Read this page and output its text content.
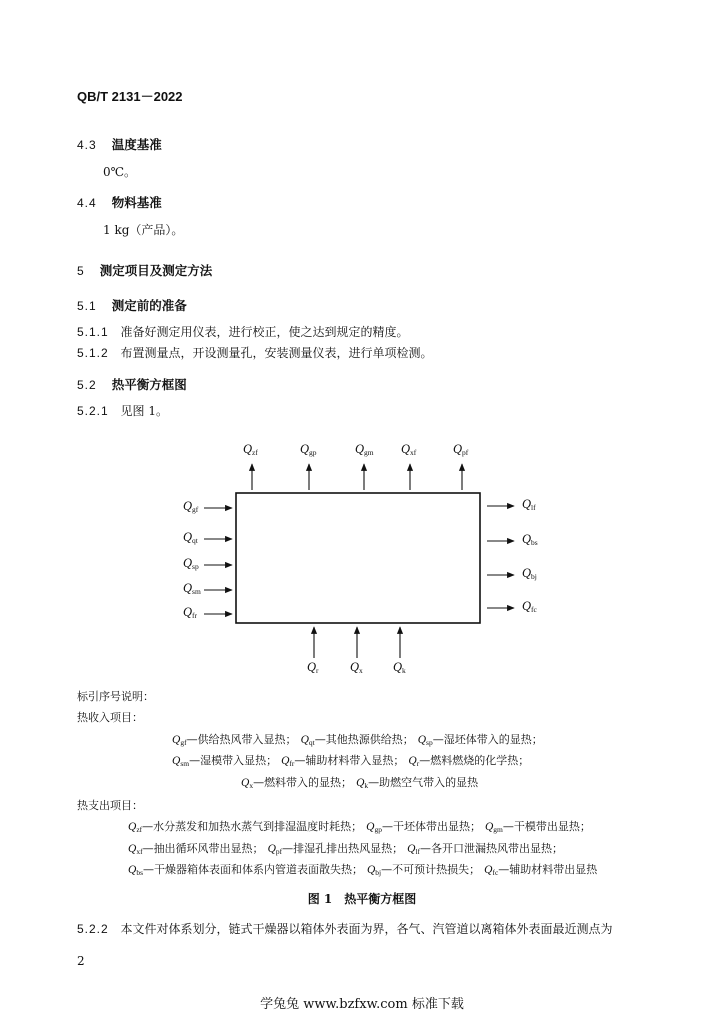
QB/T 2131－2022
4.3 温度基准
0℃。
4.4 物料基准
1 kg（产品）。
5 测定项目及测定方法
5.1 测定前的准备
5.1.1 准备好测定用仪表，进行校正，使之达到规定的精度。
5.1.2 布置测量点，开设测量孔，安装测量仪表，进行单项检测。
5.2 热平衡方框图
5.2.1 见图 1。
$Q_{zf}$	$Q_{gp}$	$Q_{gm}$ $Q_{xf}$	$Q_{pf}$
$Q_{gf}$
$Q_{qt}$
$Q_{sp}$
$Q_{sm}$
$Q_{fr}$
$Q_{lf}$
$Q_{bs}$
$Q_{bj}$
$Q_{fc}$
$Q_r$	$Q_x$ $Q_k$
标引序号说明：
热收入项目：
$Q_{gf}—$供给热风带入显热； $Q_{qt}—$其他热源供给热； $Q_{sp}—$湿坯体带入的显热；
$Q_{sm}—$湿模带入显热； $Q_{fr}—$辅助材料带入显热； $Q_r—$燃料燃烧的化学热；
$Q_x—$燃料带入的显热； $Q_k—$助燃空气带入的显热
热支出项目：
$Q_{zf}—$水分蒸发和加热水蒸气到排湿温度时耗热； $Q_{gp}—$干坯体带出显热； $Q_{gm}—$干模带出显热；
$Q_{xf}—$抽出循环风带出显热； $Q_{pf}—$排湿孔排出热风显热； $Q_{lf}—$各开口泄漏热风带出显热；
$Q_{bs}—$干燥器箱体表面和体系内管道表面散失热； $Q_{bj}—$不可预计热损失； $Q_{fc}—$辅助材料带出显热
图 1　热平衡方框图
5.2.2 本文件对体系划分，链式干燥器以箱体外表面为界，各气、汽管道以离箱体外表面最近测点为
2
学兔兔 www.bzfxw.com 标准下载
